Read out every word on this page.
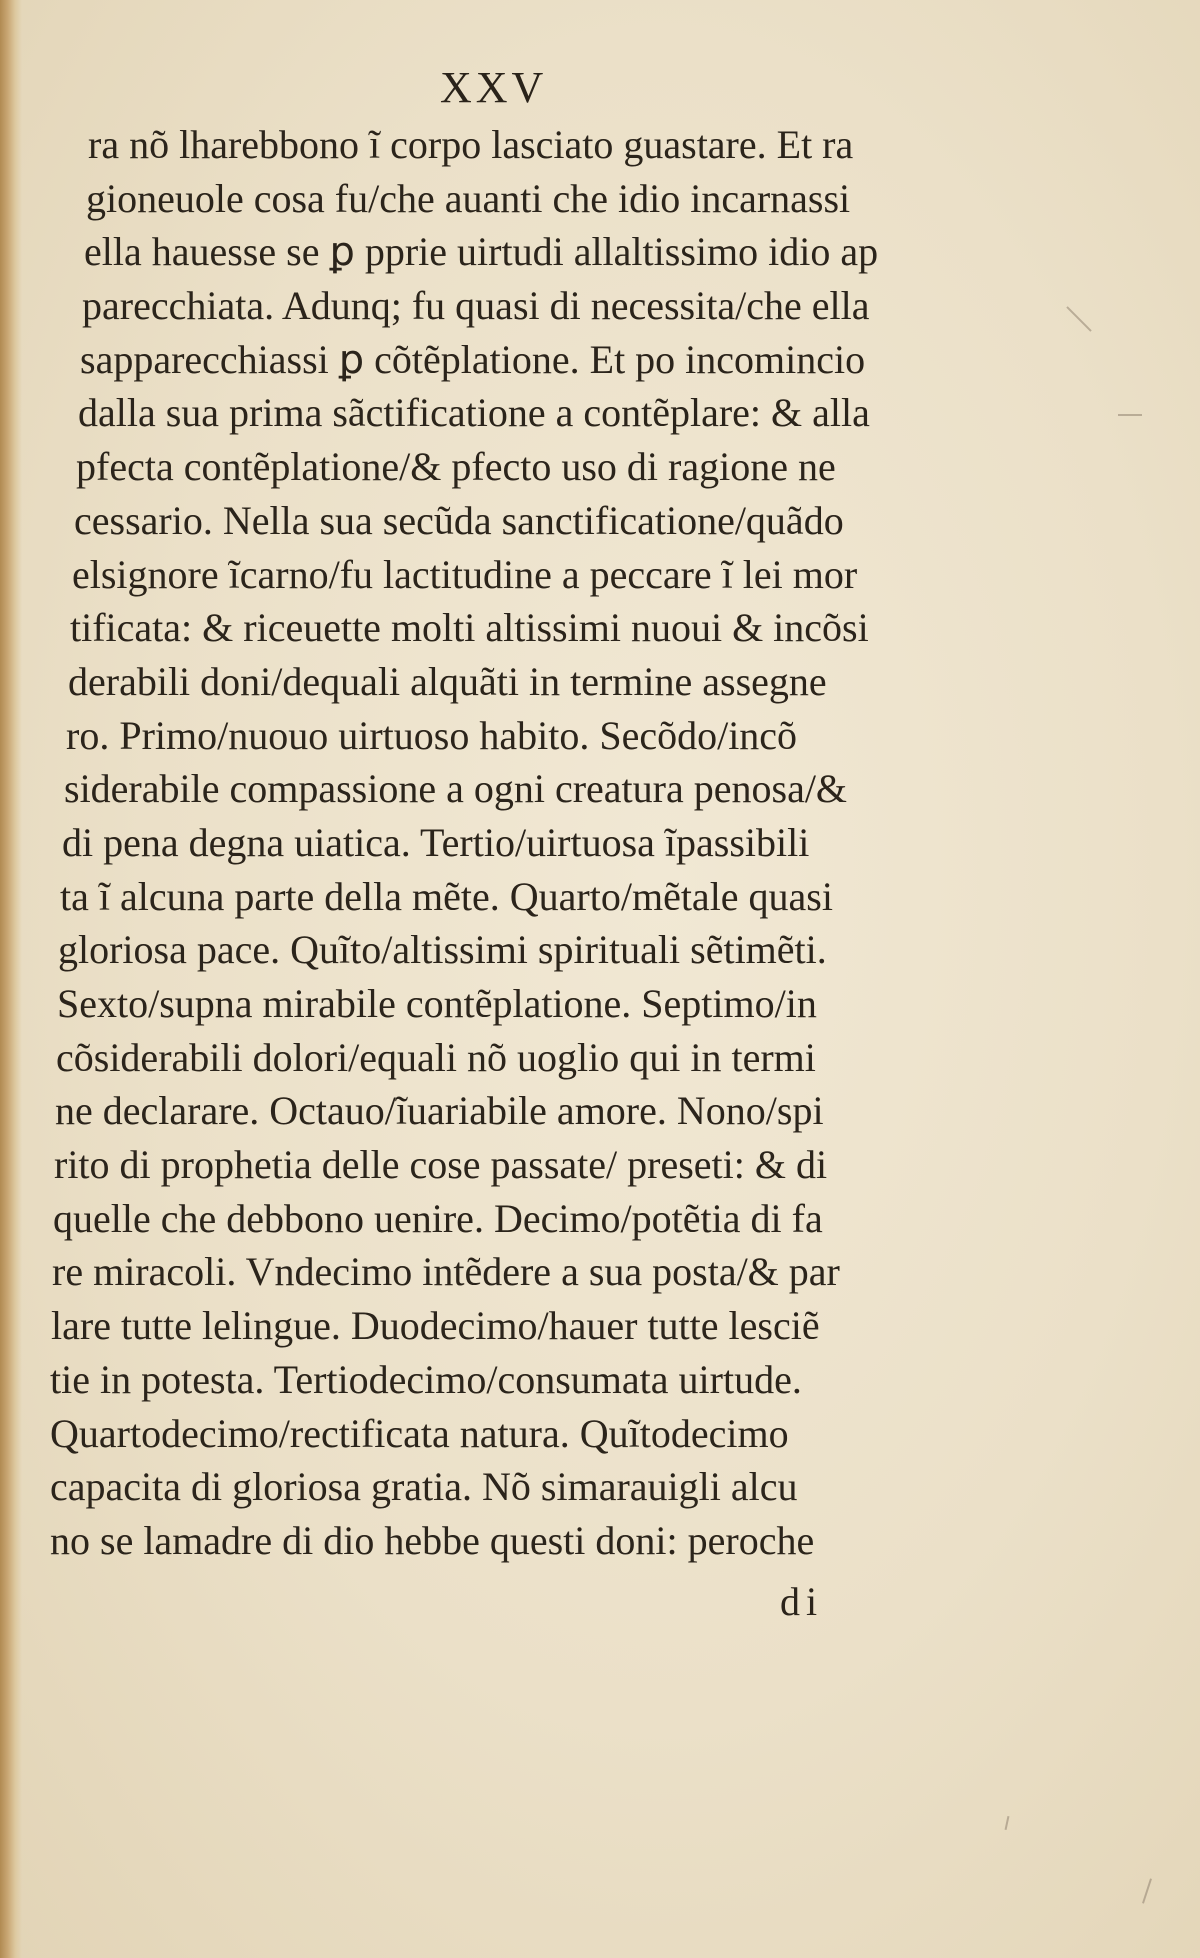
XXV
ra nõ lharebbono ĩ corpo lasciato guastare. Et ra
gioneuole cosa fu/che auanti che idio incarnassi
ella hauesse se ꝑ pprie uirtudi allaltissimo idio ap
parecchiata. Adunq; fu quasi di necessita/che ella
sapparecchiassi ꝑ cõtẽplatione. Et po incomincio
dalla sua prima sãctificatione a contẽplare: & alla
pfecta contẽplatione/& pfecto uso di ragione ne
cessario. Nella sua secũda sanctificatione/quãdo
elsignore ĩcarno/fu lactitudine a peccare ĩ lei mor
tificata: & riceuette molti altissimi nuoui & incõsi
derabili doni/dequali alquãti in termine assegne
ro. Primo/nuouo uirtuoso habito. Secõdo/incõ
siderabile compassione a ogni creatura penosa/&
di pena degna uiatica. Tertio/uirtuosa ĩpassibili
ta ĩ alcuna parte della mẽte. Quarto/mẽtale quasi
gloriosa pace. Quĩto/altissimi spirituali sẽtimẽti.
Sexto/supna mirabile contẽplatione. Septimo/in
cõsiderabili dolori/equali nõ uoglio qui in termi
ne declarare. Octauo/ĩuariabile amore. Nono/spi
rito di prophetia delle cose passate/ preseti: & di
quelle che debbono uenire. Decimo/potẽtia di fa
re miracoli. Vndecimo intẽdere a sua posta/& par
lare tutte lelingue. Duodecimo/hauer tutte lesciẽ
tie in potesta. Tertiodecimo/consumata uirtude.
Quartodecimo/rectificata natura. Quĩtodecimo
capacita di gloriosa gratia. Nõ simarauigli alcu
no se lamadre di dio hebbe questi doni: peroche
di
